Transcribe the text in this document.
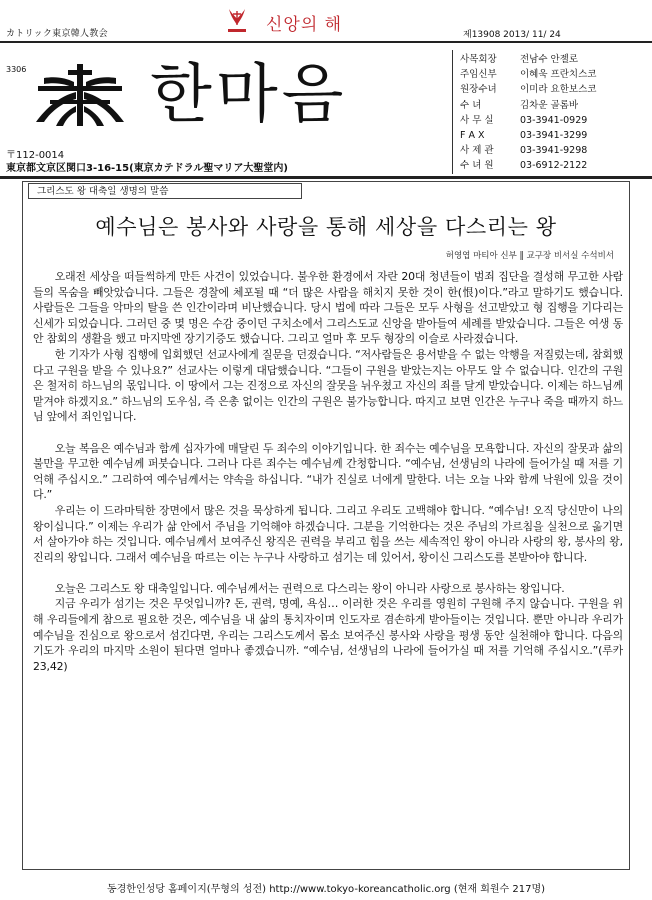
カトリック東京韓人教会	신앙의 해	제13908 2013/ 11/ 24
3306 한마음
〒112-0014
東京都文京区関口3-16-15(東京カテドラル聖マリア大聖堂内)
사목회장	전남수 안젤로
주임신부	이혜욱 프란치스코
원장수녀	이미라 요한보스코
수 녀	김차운 골롬바
사 무 실	03-3941-0929
F A X	03-3941-3299
사 제 관	03-3941-9298
수 녀 원	03-6912-2122
그리스도 왕 대축일 생명의 말씀
예수님은 봉사와 사랑을 통해 세상을 다스리는 왕
허영엽 마티아 신부 ‖ 교구장 비서실 수석비서

오래전 세상을 떠들썩하게 만든 사건이 있었습니다. 불우한 환경에서 자란 20대 청년들이 범죄 집단을 결성해 무고한 사람들의 목숨을 빼앗았습니다. 그들은 경찰에 체포될 때 “더 많은 사람을 해치지 못한 것이 한(恨)이다.”라고 말하기도 했습니다. 사람들은 그들을 악마의 탈을 쓴 인간이라며 비난했습니다. 당시 법에 따라 그들은 모두 사형을 선고받았고 형 집행을 기다리는 신세가 되었습니다. 그러던 중 몇 명은 수감 중이던 구치소에서 그리스도교 신앙을 받아들여 세례를 받았습니다. 그들은 여생 동안 참회의 생활을 했고 마지막엔 장기기증도 했습니다. 그리고 얼마 후 모두 형장의 이슬로 사라졌습니다.

한 기자가 사형 집행에 입회했던 선교사에게 질문을 던졌습니다. “저사람들은 용서받을 수 없는 악행을 저질렀는데, 참회했다고 구원을 받을 수 있나요?” 선교사는 이렇게 대답했습니다. “그들이 구원을 받았는지는 아무도 알 수 없습니다. 인간의 구원은 철저히 하느님의 몫입니다. 이 땅에서 그는 진정으로 자신의 잘못을 뉘우쳤고 자신의 죄를 달게 받았습니다. 이제는 하느님께 맡겨야 하겠지요.” 하느님의 도우심, 즉 은총 없이는 인간의 구원은 불가능합니다. 따지고 보면 인간은 누구나 죽을 때까지 하느님 앞에서 죄인입니다.

오늘 복음은 예수님과 함께 십자가에 매달린 두 죄수의 이야기입니다. 한 죄수는 예수님을 모욕합니다. 자신의 잘못과 삶의 불만을 무고한 예수님께 퍼붓습니다. 그러나 다른 죄수는 예수님께 간청합니다. “예수님, 선생님의 나라에 들어가실 때 저를 기억해 주십시오.” 그리하여 예수님께서는 약속을 하십니다. “내가 진실로 너에게 말한다. 너는 오늘 나와 함께 낙원에 있을 것이다.”

우리는 이 드라마틱한 장면에서 많은 것을 묵상하게 됩니다. 그리고 우리도 고백해야 합니다. “예수님! 오직 당신만이 나의 왕이십니다.” 이제는 우리가 삶 안에서 주님을 기억해야 하겠습니다. 그분을 기억한다는 것은 주님의 가르침을 실천으로 옮기면서 살아가야 하는 것입니다. 예수님께서 보여주신 왕직은 권력을 부리고 힘을 쓰는 세속적인 왕이 아니라 사랑의 왕, 봉사의 왕, 진리의 왕입니다. 그래서 예수님을 따르는 이는 누구나 사랑하고 섬기는 데 있어서, 왕이신 그리스도를 본받아야 합니다.

오늘은 그리스도 왕 대축일입니다. 예수님께서는 권력으로 다스리는 왕이 아니라 사랑으로 봉사하는 왕입니다.

지금 우리가 섬기는 것은 무엇입니까? 돈, 권력, 명예, 욕심… 이러한 것은 우리를 영원히 구원해 주지 않습니다. 구원을 위해 우리들에게 참으로 필요한 것은, 예수님을 내 삶의 통치자이며 인도자로 겸손하게 받아들이는 것입니다. 뿐만 아니라 우리가 예수님을 진심으로 왕으로서 섬긴다면, 우리는 그리스도께서 몸소 보여주신 봉사와 사랑을 평생 동안 실천해야 합니다. 다음의 기도가 우리의 마지막 소원이 된다면 얼마나 좋겠습니까. “예수님, 선생님의 나라에 들어가실 때 저를 기억해 주십시오.”(루카 23,42)

동경한인성당 홈페이지(무형의 성전) http://www.tokyo-koreancatholic.org (현재 회원수 217명)
